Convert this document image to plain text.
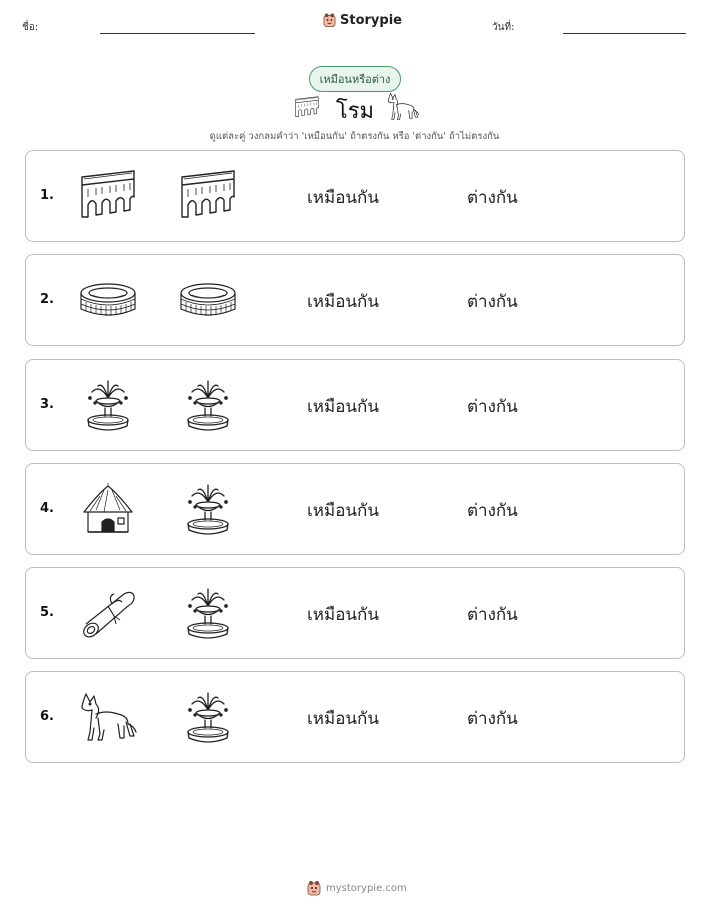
ชื่อ:	Storypie	วันที่:
เหมือนหรือต่าง
โรม
ดูแต่ละคู่ วงกลมคำว่า 'เหมือนกัน' ถ้าตรงกัน หรือ 'ต่างกัน' ถ้าไม่ตรงกัน
1.	เหมือนกัน	ต่างกัน
2.	เหมือนกัน	ต่างกัน
3.	เหมือนกัน	ต่างกัน
4.	เหมือนกัน	ต่างกัน
5.	เหมือนกัน	ต่างกัน
6.	เหมือนกัน	ต่างกัน
mystorypie.com
